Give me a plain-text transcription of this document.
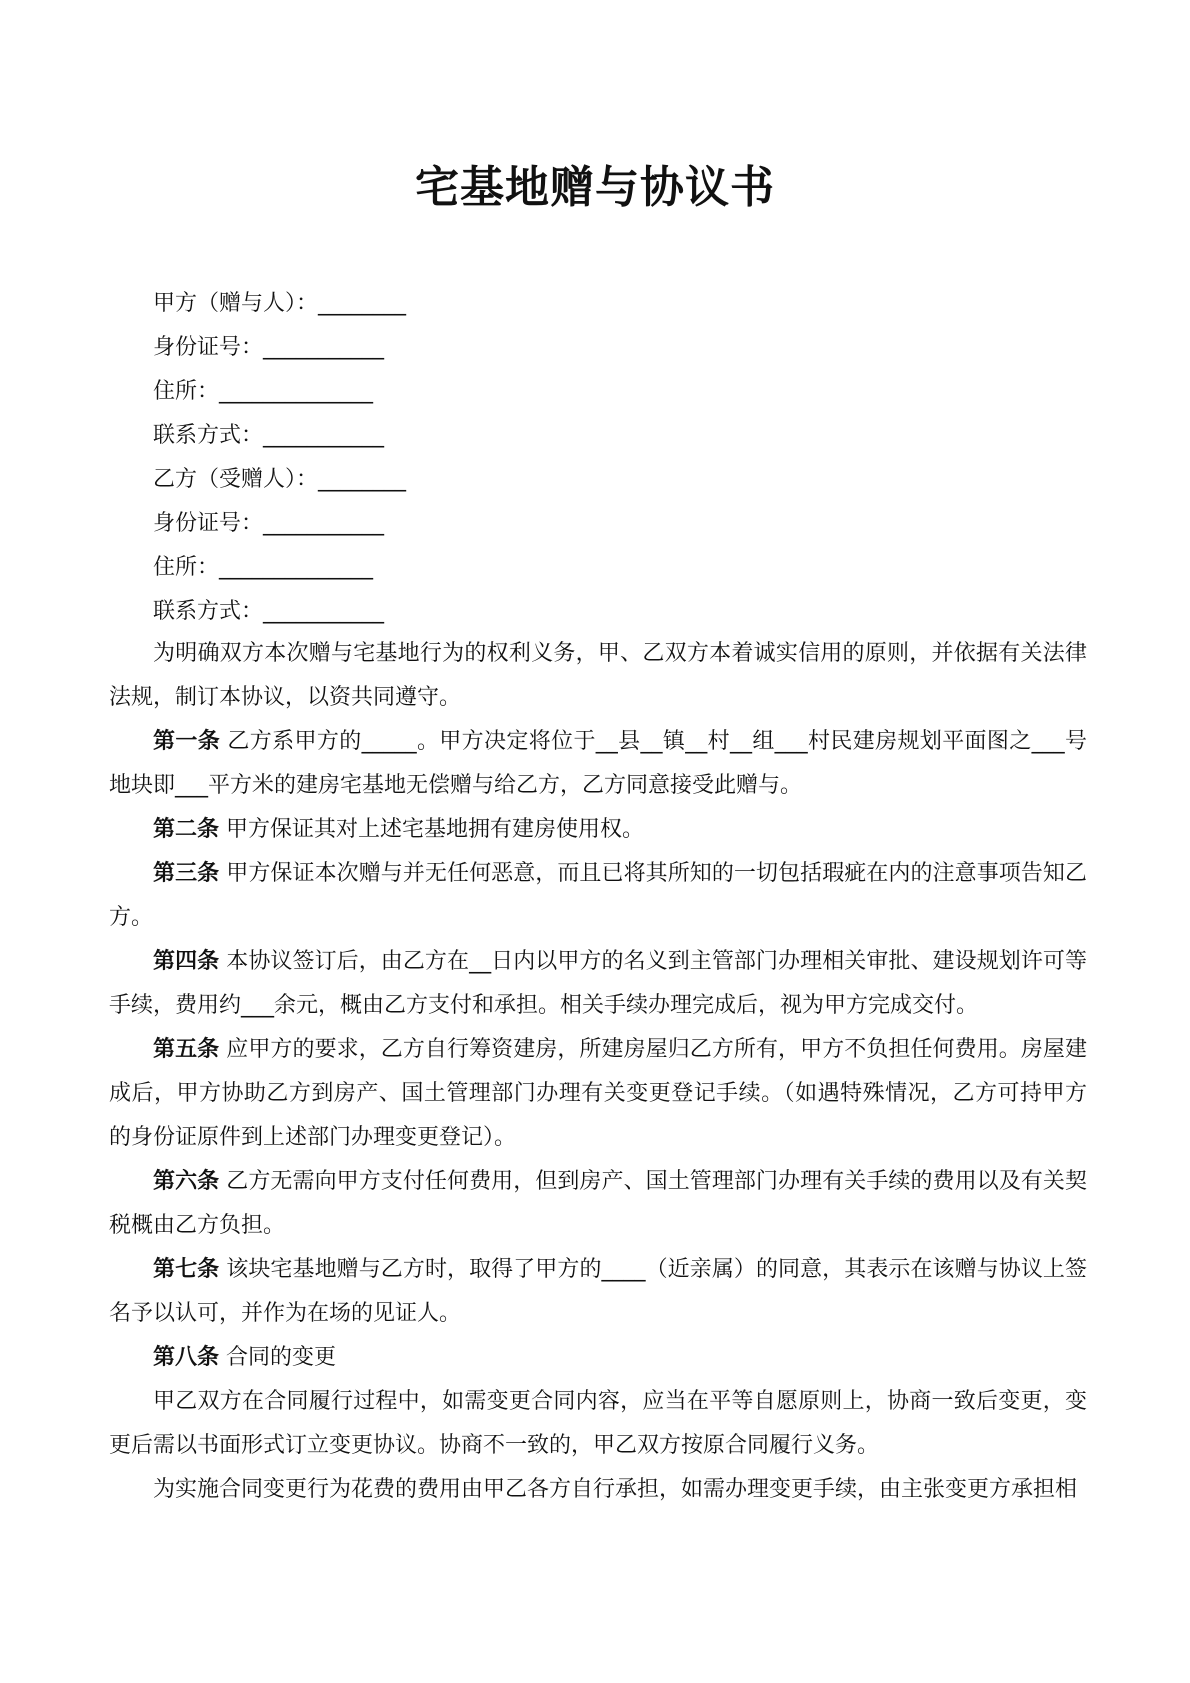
宅基地赠与协议书
甲方（赠与人）：________
身份证号：___________
住所：______________
联系方式：___________
乙方（受赠人）：________
身份证号：___________
住所：______________
联系方式：___________

为明确双方本次赠与宅基地行为的权利义务，甲、乙双方本着诚实信用的原则，并依据有关法律法规，制订本协议，以资共同遵守。

第一条 乙方系甲方的_____。甲方决定将位于__县__镇__村__组___村民建房规划平面图之___号地块即___平方米的建房宅基地无偿赠与给乙方，乙方同意接受此赠与。

第二条 甲方保证其对上述宅基地拥有建房使用权。

第三条 甲方保证本次赠与并无任何恶意，而且已将其所知的一切包括瑕疵在内的注意事项告知乙方。

第四条 本协议签订后，由乙方在__日内以甲方的名义到主管部门办理相关审批、建设规划许可等手续，费用约___余元，概由乙方支付和承担。相关手续办理完成后，视为甲方完成交付。

第五条 应甲方的要求，乙方自行筹资建房，所建房屋归乙方所有，甲方不负担任何费用。房屋建成后，甲方协助乙方到房产、国土管理部门办理有关变更登记手续。（如遇特殊情况，乙方可持甲方的身份证原件到上述部门办理变更登记）。

第六条 乙方无需向甲方支付任何费用，但到房产、国土管理部门办理有关手续的费用以及有关契税概由乙方负担。

第七条 该块宅基地赠与乙方时，取得了甲方的____（近亲属）的同意，其表示在该赠与协议上签名予以认可，并作为在场的见证人。

第八条 合同的变更

甲乙双方在合同履行过程中，如需变更合同内容，应当在平等自愿原则上，协商一致后变更，变更后需以书面形式订立变更协议。协商不一致的，甲乙双方按原合同履行义务。

为实施合同变更行为花费的费用由甲乙各方自行承担，如需办理变更手续，由主张变更方承担相
